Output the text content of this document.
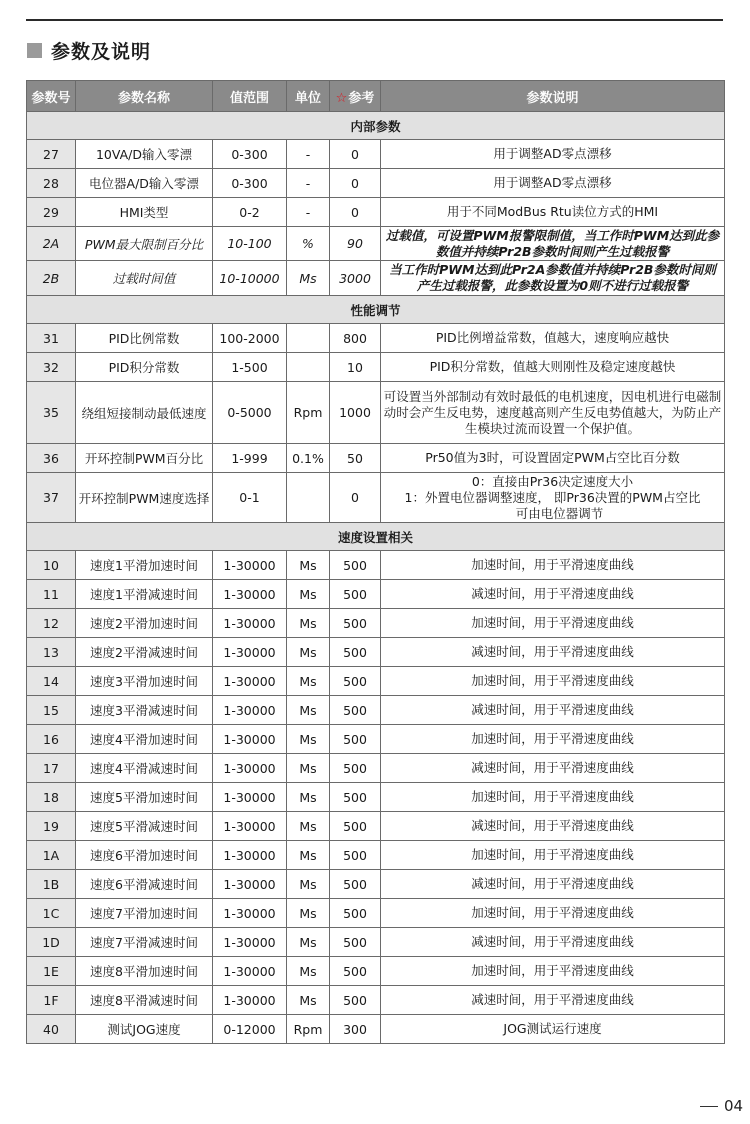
参数及说明
参数号	参数名称	值范围	单位	☆参考	参数说明
内部参数					
27	10VA/D输入零漂	0-300	-	0	用于调整AD零点漂移
28	电位器A/D输入零漂	0-300	-	0	用于调整AD零点漂移
29	HMI类型	0-2	-	0	用于不同ModBus Rtu读位方式的HMI
2A	PWM最大限制百分比	10-100	%	90	过载值，可设置PWM报警限制值，当工作时PWM达到此参数值并持续Pr2B参数时间则产生过载报警
2B	过载时间值	10-10000	Ms	3000	当工作时PWM达到此Pr2A参数值并持续Pr2B参数时间则产生过载报警，此参数设置为0则不进行过载报警
性能调节					
31	PID比例常数	100-2000		800	PID比例增益常数，值越大，速度响应越快
32	PID积分常数	1-500		10	PID积分常数，值越大则刚性及稳定速度越快
35	绕组短接制动最低速度	0-5000	Rpm	1000	可设置当外部制动有效时最低的电机速度，因电机进行电磁制动时会产生反电势，速度越高则产生反电势值越大，为防止产生模块过流而设置一个保护值。
36	开环控制PWM百分比	1-999	0.1%	50	Pr50值为3时，可设置固定PWM占空比百分数
37	开环控制PWM速度选择	0-1		0	0：直接由Pr36决定速度大小
1：外置电位器调整速度， 即Pr36决置的PWM占空比
可由电位器调节

速度设置相关					
10	速度1平滑加速时间	1-30000	Ms	500	加速时间，用于平滑速度曲线
11	速度1平滑减速时间	1-30000	Ms	500	减速时间，用于平滑速度曲线
12	速度2平滑加速时间	1-30000	Ms	500	加速时间，用于平滑速度曲线
13	速度2平滑减速时间	1-30000	Ms	500	减速时间，用于平滑速度曲线
14	速度3平滑加速时间	1-30000	Ms	500	加速时间，用于平滑速度曲线
15	速度3平滑减速时间	1-30000	Ms	500	减速时间，用于平滑速度曲线
16	速度4平滑加速时间	1-30000	Ms	500	加速时间，用于平滑速度曲线
17	速度4平滑减速时间	1-30000	Ms	500	减速时间，用于平滑速度曲线
18	速度5平滑加速时间	1-30000	Ms	500	加速时间，用于平滑速度曲线
19	速度5平滑减速时间	1-30000	Ms	500	减速时间，用于平滑速度曲线
1A	速度6平滑加速时间	1-30000	Ms	500	加速时间，用于平滑速度曲线
1B	速度6平滑减速时间	1-30000	Ms	500	减速时间，用于平滑速度曲线
1C	速度7平滑加速时间	1-30000	Ms	500	加速时间，用于平滑速度曲线
1D	速度7平滑减速时间	1-30000	Ms	500	减速时间，用于平滑速度曲线
1E	速度8平滑加速时间	1-30000	Ms	500	加速时间，用于平滑速度曲线
1F	速度8平滑减速时间	1-30000	Ms	500	减速时间，用于平滑速度曲线
40	测试JOG速度	0-12000	Rpm	300	JOG测试运行速度
04
